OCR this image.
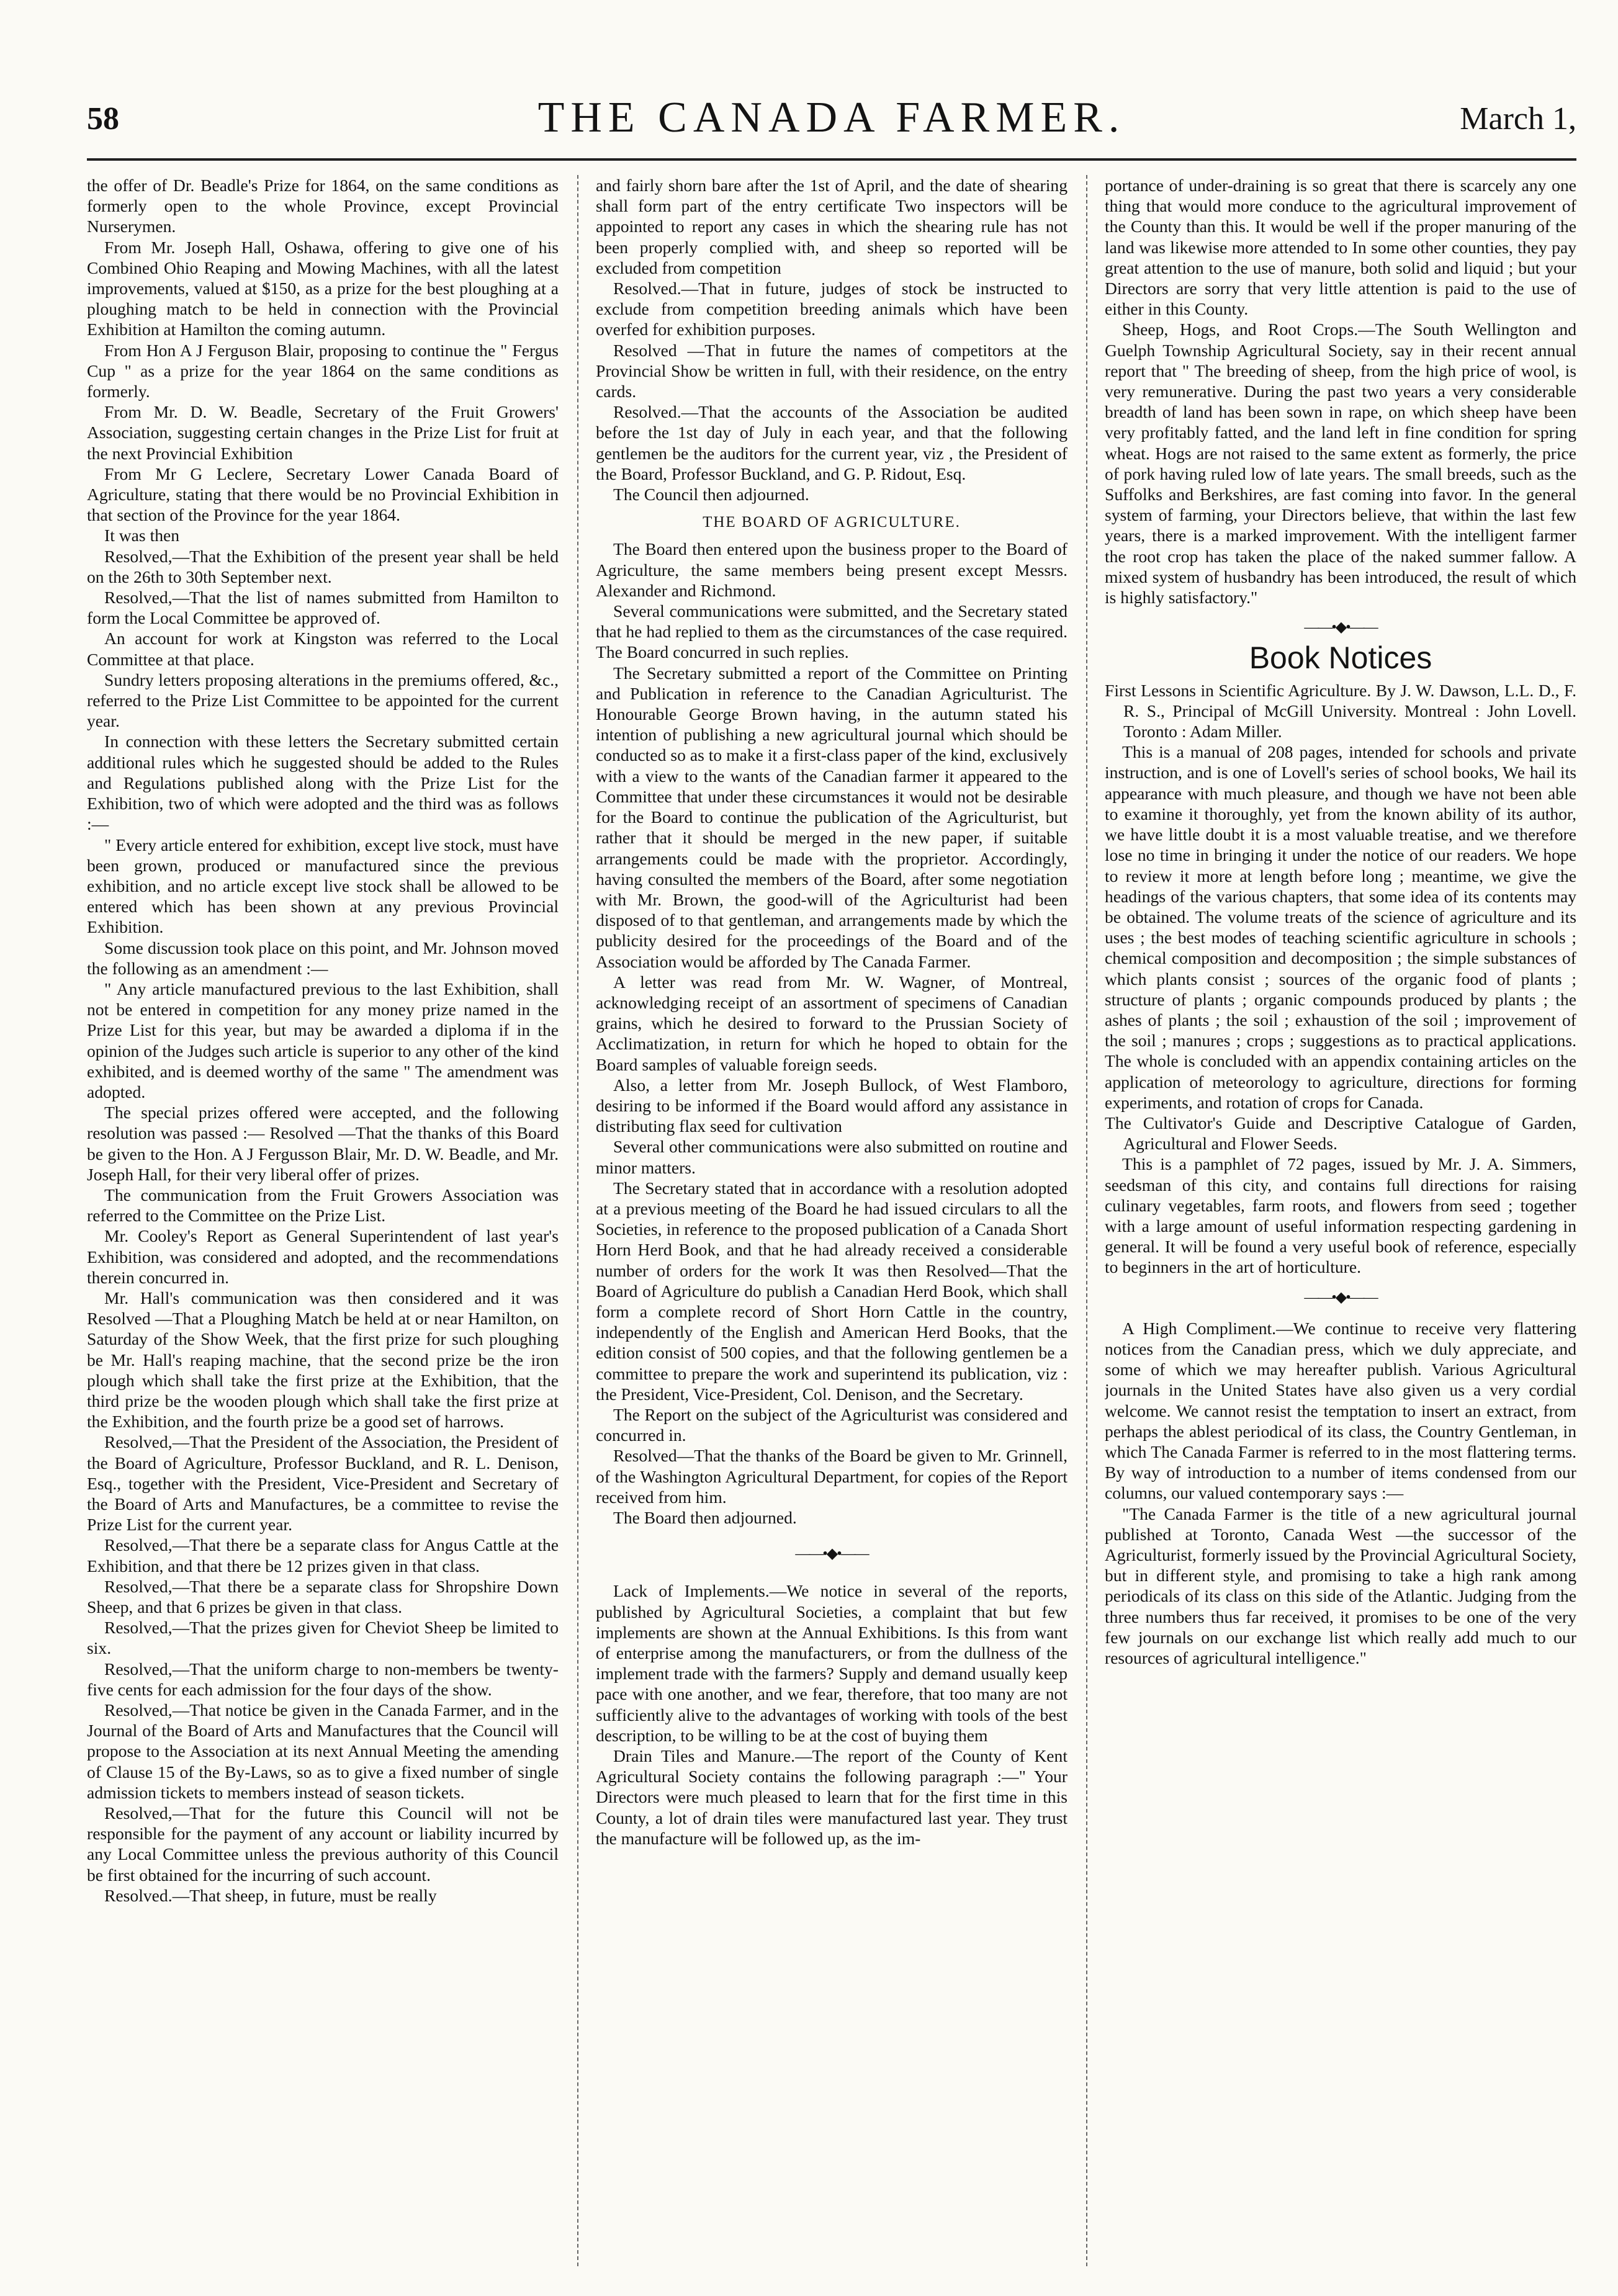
58	THE CANADA FARMER.	March 1,

the offer of Dr. Beadle's Prize for 1864, on the same conditions as formerly open to the whole Province, except Provincial Nurserymen.

From Mr. Joseph Hall, Oshawa, offering to give one of his Combined Ohio Reaping and Mowing Machines, with all the latest improvements, valued at $150, as a prize for the best ploughing at a ploughing match to be held in connection with the Provincial Exhibition at Hamilton the coming autumn.

From Hon A J Ferguson Blair, proposing to continue the " Fergus Cup " as a prize for the year 1864 on the same conditions as formerly.

From Mr. D. W. Beadle, Secretary of the Fruit Growers' Association, suggesting certain changes in the Prize List for fruit at the next Provincial Exhibition

From Mr G Leclere, Secretary Lower Canada Board of Agriculture, stating that there would be no Provincial Exhibition in that section of the Province for the year 1864.

It was then

Resolved,—That the Exhibition of the present year shall be held on the 26th to 30th September next.

Resolved,—That the list of names submitted from Hamilton to form the Local Committee be approved of.

An account for work at Kingston was referred to the Local Committee at that place.

Sundry letters proposing alterations in the premiums offered, &c., referred to the Prize List Committee to be appointed for the current year.

In connection with these letters the Secretary submitted certain additional rules which he suggested should be added to the Rules and Regulations published along with the Prize List for the Exhibition, two of which were adopted and the third was as follows :—

" Every article entered for exhibition, except live stock, must have been grown, produced or manufactured since the previous exhibition, and no article except live stock shall be allowed to be entered which has been shown at any previous Provincial Exhibition.

Some discussion took place on this point, and Mr. Johnson moved the following as an amendment :—

" Any article manufactured previous to the last Exhibition, shall not be entered in competition for any money prize named in the Prize List for this year, but may be awarded a diploma if in the opinion of the Judges such article is superior to any other of the kind exhibited, and is deemed worthy of the same " The amendment was adopted.

The special prizes offered were accepted, and the following resolution was passed :— Resolved —That the thanks of this Board be given to the Hon. A J Fergusson Blair, Mr. D. W. Beadle, and Mr. Joseph Hall, for their very liberal offer of prizes.

The communication from the Fruit Growers Association was referred to the Committee on the Prize List.

Mr. Cooley's Report as General Superintendent of last year's Exhibition, was considered and adopted, and the recommendations therein concurred in.

Mr. Hall's communication was then considered and it was Resolved —That a Ploughing Match be held at or near Hamilton, on Saturday of the Show Week, that the first prize for such ploughing be Mr. Hall's reaping machine, that the second prize be the iron plough which shall take the first prize at the Exhibition, that the third prize be the wooden plough which shall take the first prize at the Exhibition, and the fourth prize be a good set of harrows.

Resolved,—That the President of the Association, the President of the Board of Agriculture, Professor Buckland, and R. L. Denison, Esq., together with the President, Vice-President and Secretary of the Board of Arts and Manufactures, be a committee to revise the Prize List for the current year.

Resolved,—That there be a separate class for Angus Cattle at the Exhibition, and that there be 12 prizes given in that class.

Resolved,—That there be a separate class for Shropshire Down Sheep, and that 6 prizes be given in that class.

Resolved,—That the prizes given for Cheviot Sheep be limited to six.

Resolved,—That the uniform charge to non-members be twenty-five cents for each admission for the four days of the show.

Resolved,—That notice be given in the Canada Farmer, and in the Journal of the Board of Arts and Manufactures that the Council will propose to the Association at its next Annual Meeting the amending of Clause 15 of the By-Laws, so as to give a fixed number of single admission tickets to members instead of season tickets.

Resolved,—That for the future this Council will not be responsible for the payment of any account or liability incurred by any Local Committee unless the previous authority of this Council be first obtained for the incurring of such account.

Resolved.—That sheep, in future, must be really

and fairly shorn bare after the 1st of April, and the date of shearing shall form part of the entry certificate Two inspectors will be appointed to report any cases in which the shearing rule has not been properly complied with, and sheep so reported will be excluded from competition

Resolved.—That in future, judges of stock be instructed to exclude from competition breeding animals which have been overfed for exhibition purposes.

Resolved —That in future the names of competitors at the Provincial Show be written in full, with their residence, on the entry cards.

Resolved.—That the accounts of the Association be audited before the 1st day of July in each year, and that the following gentlemen be the auditors for the current year, viz , the President of the Board, Professor Buckland, and G. P. Ridout, Esq.

The Council then adjourned.

THE BOARD OF AGRICULTURE.

The Board then entered upon the business proper to the Board of Agriculture, the same members being present except Messrs. Alexander and Richmond.

Several communications were submitted, and the Secretary stated that he had replied to them as the circumstances of the case required. The Board concurred in such replies.

The Secretary submitted a report of the Committee on Printing and Publication in reference to the Canadian Agriculturist. The Honourable George Brown having, in the autumn stated his intention of publishing a new agricultural journal which should be conducted so as to make it a first-class paper of the kind, exclusively with a view to the wants of the Canadian farmer it appeared to the Committee that under these circumstances it would not be desirable for the Board to continue the publication of the Agriculturist, but rather that it should be merged in the new paper, if suitable arrangements could be made with the proprietor. Accordingly, having consulted the members of the Board, after some negotiation with Mr. Brown, the good-will of the Agriculturist had been disposed of to that gentleman, and arrangements made by which the publicity desired for the proceedings of the Board and of the Association would be afforded by The Canada Farmer.

A letter was read from Mr. W. Wagner, of Montreal, acknowledging receipt of an assortment of specimens of Canadian grains, which he desired to forward to the Prussian Society of Acclimatization, in return for which he hoped to obtain for the Board samples of valuable foreign seeds.

Also, a letter from Mr. Joseph Bullock, of West Flamboro, desiring to be informed if the Board would afford any assistance in distributing flax seed for cultivation

Several other communications were also submitted on routine and minor matters.

The Secretary stated that in accordance with a resolution adopted at a previous meeting of the Board he had issued circulars to all the Societies, in reference to the proposed publication of a Canada Short Horn Herd Book, and that he had already received a considerable number of orders for the work It was then Resolved—That the Board of Agriculture do publish a Canadian Herd Book, which shall form a complete record of Short Horn Cattle in the country, independently of the English and American Herd Books, that the edition consist of 500 copies, and that the following gentlemen be a committee to prepare the work and superintend its publication, viz : the President, Vice-President, Col. Denison, and the Secretary.

The Report on the subject of the Agriculturist was considered and concurred in.

Resolved—That the thanks of the Board be given to Mr. Grinnell, of the Washington Agricultural Department, for copies of the Report received from him.

The Board then adjourned.

——•◆•——

Lack of Implements.—We notice in several of the reports, published by Agricultural Societies, a complaint that but few implements are shown at the Annual Exhibitions. Is this from want of enterprise among the manufacturers, or from the dullness of the implement trade with the farmers? Supply and demand usually keep pace with one another, and we fear, therefore, that too many are not sufficiently alive to the advantages of working with tools of the best description, to be willing to be at the cost of buying them

Drain Tiles and Manure.—The report of the County of Kent Agricultural Society contains the following paragraph :—" Your Directors were much pleased to learn that for the first time in this County, a lot of drain tiles were manufactured last year. They trust the manufacture will be followed up, as the im-

portance of under-draining is so great that there is scarcely any one thing that would more conduce to the agricultural improvement of the County than this. It would be well if the proper manuring of the land was likewise more attended to In some other counties, they pay great attention to the use of manure, both solid and liquid ; but your Directors are sorry that very little attention is paid to the use of either in this County.

Sheep, Hogs, and Root Crops.—The South Wellington and Guelph Township Agricultural Society, say in their recent annual report that " The breeding of sheep, from the high price of wool, is very remunerative. During the past two years a very considerable breadth of land has been sown in rape, on which sheep have been very profitably fatted, and the land left in fine condition for spring wheat. Hogs are not raised to the same extent as formerly, the price of pork having ruled low of late years. The small breeds, such as the Suffolks and Berkshires, are fast coming into favor. In the general system of farming, your Directors believe, that within the last few years, there is a marked improvement. With the intelligent farmer the root crop has taken the place of the naked summer fallow. A mixed system of husbandry has been introduced, the result of which is highly satisfactory."

——•◆•——
Book Notices

First Lessons in Scientific Agriculture. By J. W. Dawson, L.L. D., F. R. S., Principal of McGill University. Montreal : John Lovell. Toronto : Adam Miller.

This is a manual of 208 pages, intended for schools and private instruction, and is one of Lovell's series of school books, We hail its appearance with much pleasure, and though we have not been able to examine it thoroughly, yet from the known ability of its author, we have little doubt it is a most valuable treatise, and we therefore lose no time in bringing it under the notice of our readers. We hope to review it more at length before long ; meantime, we give the headings of the various chapters, that some idea of its contents may be obtained. The volume treats of the science of agriculture and its uses ; the best modes of teaching scientific agriculture in schools ; chemical composition and decomposition ; the simple substances of which plants consist ; sources of the organic food of plants ; structure of plants ; organic compounds produced by plants ; the ashes of plants ; the soil ; exhaustion of the soil ; improvement of the soil ; manures ; crops ; suggestions as to practical applications. The whole is concluded with an appendix containing articles on the application of meteorology to agriculture, directions for forming experiments, and rotation of crops for Canada.

The Cultivator's Guide and Descriptive Catalogue of Garden, Agricultural and Flower Seeds.

This is a pamphlet of 72 pages, issued by Mr. J. A. Simmers, seedsman of this city, and contains full directions for raising culinary vegetables, farm roots, and flowers from seed ; together with a large amount of useful information respecting gardening in general. It will be found a very useful book of reference, especially to beginners in the art of horticulture.

——•◆•——

A High Compliment.—We continue to receive very flattering notices from the Canadian press, which we duly appreciate, and some of which we may hereafter publish. Various Agricultural journals in the United States have also given us a very cordial welcome. We cannot resist the temptation to insert an extract, from perhaps the ablest periodical of its class, the Country Gentleman, in which The Canada Farmer is referred to in the most flattering terms. By way of introduction to a number of items condensed from our columns, our valued contemporary says :—

"The Canada Farmer is the title of a new agricultural journal published at Toronto, Canada West —the successor of the Agriculturist, formerly issued by the Provincial Agricultural Society, but in different style, and promising to take a high rank among periodicals of its class on this side of the Atlantic. Judging from the three numbers thus far received, it promises to be one of the very few journals on our exchange list which really add much to our resources of agricultural intelligence."
